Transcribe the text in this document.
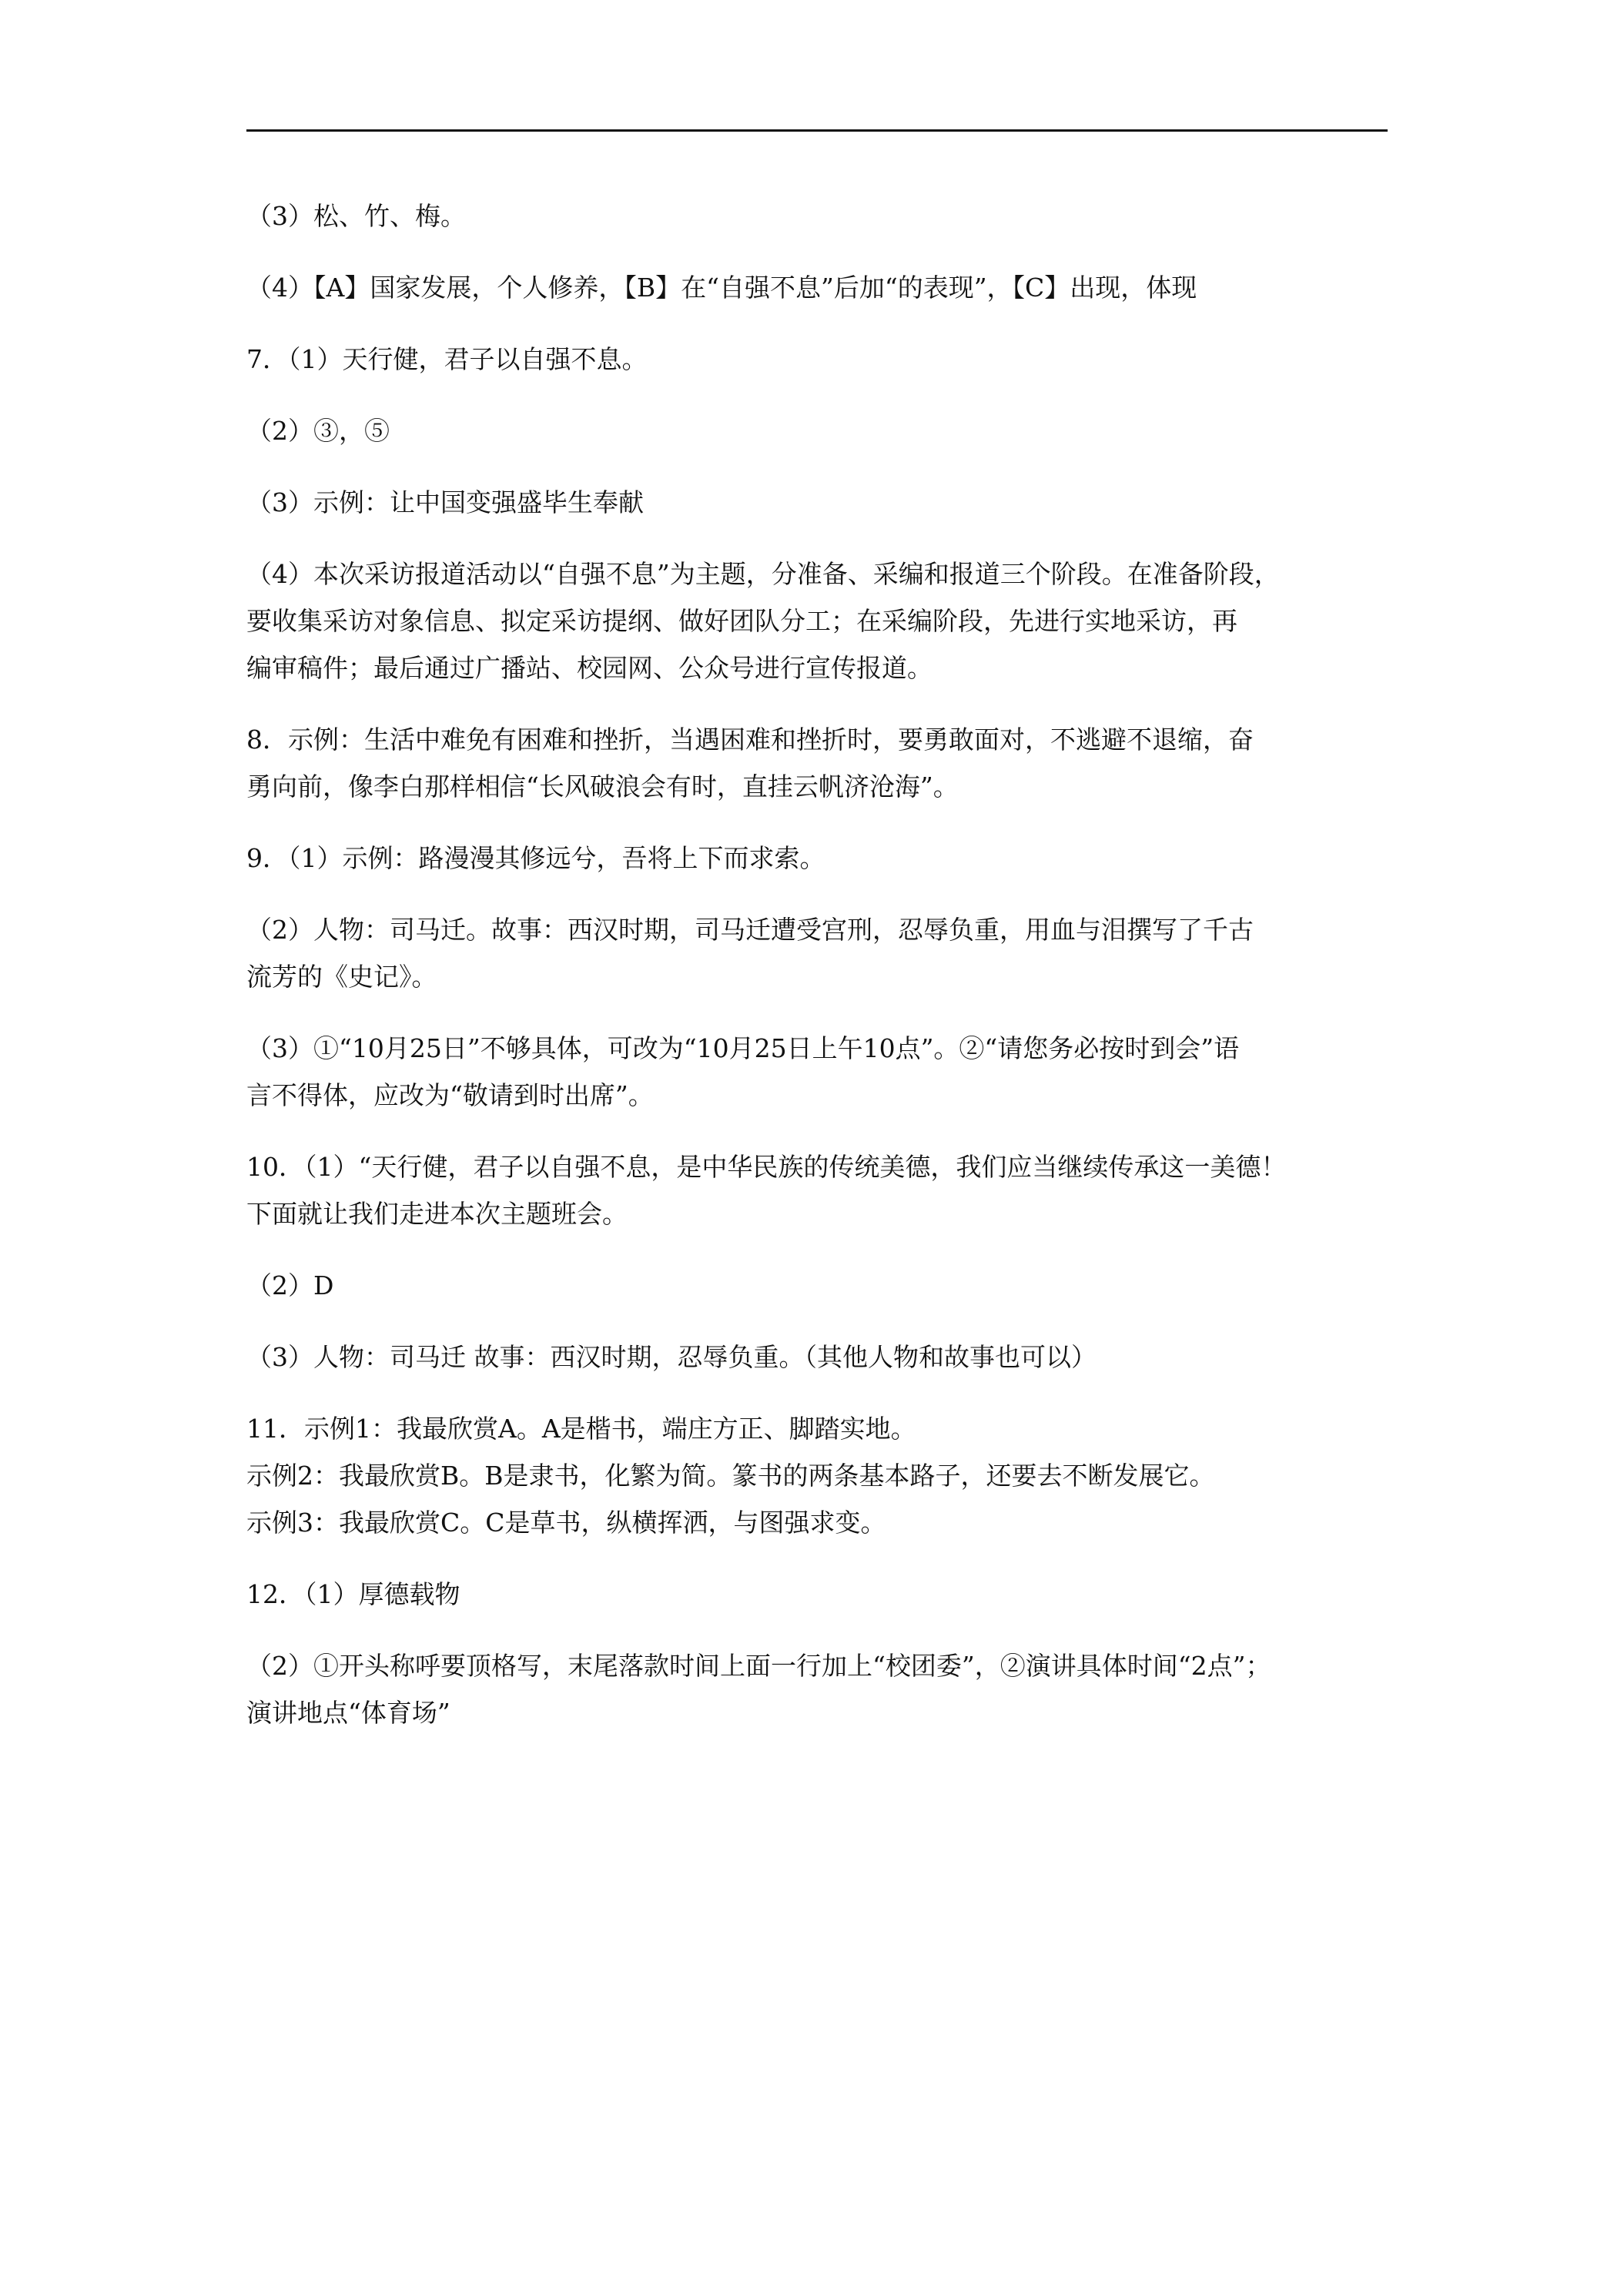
（3）松、竹、梅。
（4）【A】国家发展，个人修养，【B】在“自强不息”后加“的表现”，【C】出现，体现
7．（1）天行健，君子以自强不息。
（2）③，⑤
（3）示例：让中国变强盛毕生奉献
（4）本次采访报道活动以“自强不息”为主题，分准备、采编和报道三个阶段。在准备阶段，
要收集采访对象信息、拟定采访提纲、做好团队分工；在采编阶段，先进行实地采访，再
编审稿件；最后通过广播站、校园网、公众号进行宣传报道。
8．示例：生活中难免有困难和挫折，当遇困难和挫折时，要勇敢面对，不逃避不退缩，奋
勇向前，像李白那样相信“长风破浪会有时，直挂云帆济沧海”。
9．（1）示例：路漫漫其修远兮，吾将上下而求索。
（2）人物：司马迁。故事：西汉时期，司马迁遭受宫刑，忍辱负重，用血与泪撰写了千古
流芳的《史记》。
（3）①“10月25日”不够具体，可改为“10月25日上午10点”。②“请您务必按时到会”语
言不得体，应改为“敬请到时出席”。
10．（1）“天行健，君子以自强不息，是中华民族的传统美德，我们应当继续传承这一美德！
下面就让我们走进本次主题班会。
（2）D
（3）人物：司马迁 故事：西汉时期，忍辱负重。（其他人物和故事也可以）
11．示例1：我最欣赏A。A是楷书，端庄方正、脚踏实地。
示例2：我最欣赏B。B是隶书，化繁为简。篆书的两条基本路子，还要去不断发展它。
示例3：我最欣赏C。C是草书，纵横挥洒，与图强求变。
12．（1）厚德载物
（2）①开头称呼要顶格写，末尾落款时间上面一行加上“校团委”，②演讲具体时间“2点”；
演讲地点“体育场”
